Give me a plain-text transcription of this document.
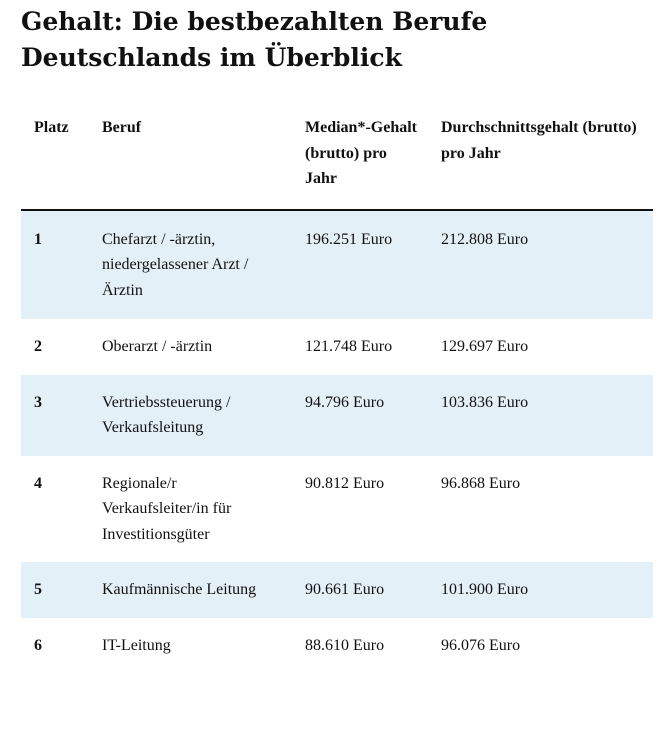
Gehalt: Die bestbezahlten Berufe Deutschlands im Überblick
Platz	Beruf	Median*-Gehalt (brutto) pro Jahr	Durchschnittsgehalt (brutto) pro Jahr
1	Chefarzt / -ärztin, niedergelassener Arzt / Ärztin	196.251 Euro	212.808 Euro
2	Oberarzt / -ärztin	121.748 Euro	129.697 Euro
3	Vertriebssteuerung / Verkaufsleitung	94.796 Euro	103.836 Euro
4	Regionale/r Verkaufsleiter/in für Investitionsgüter	90.812 Euro	96.868 Euro
5	Kaufmännische Leitung	90.661 Euro	101.900 Euro
6	IT-Leitung	88.610 Euro	96.076 Euro
